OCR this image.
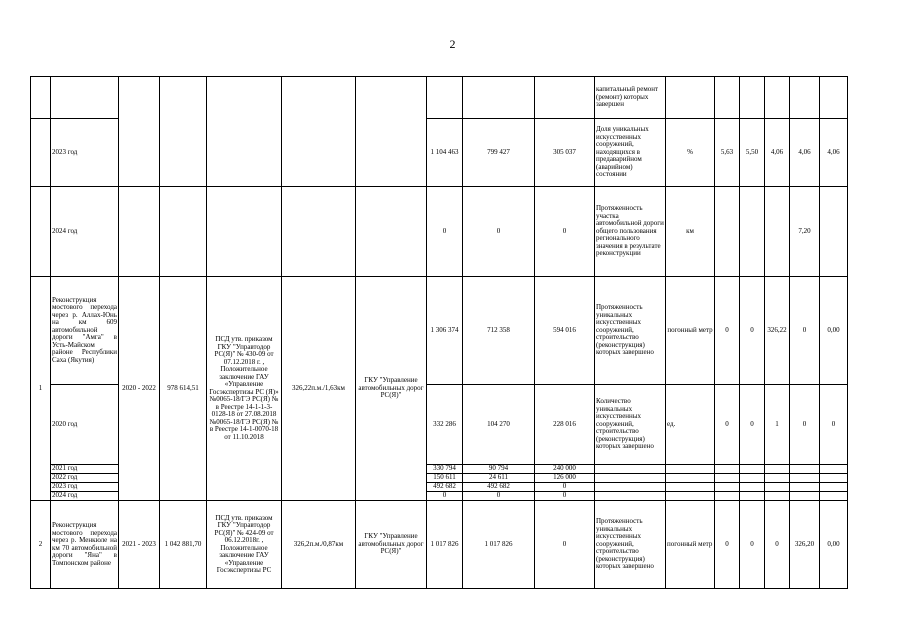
2
										капитальный ремонт (ремонт) которых завершен						
	2023 год						1 104 463	799 427	305 037	Доля уникальных искусственных сооружений, находящихся в предаварийном (аварийном) состоянии	%	5,63	5,50	4,06	4,06	4,06
	2024 год						0	0	0	Протяженность участка автомобильной дороги общего пользования регионального значения в результате реконструкции	км				7,20	
1	Реконструкция мостового перехода через р. Аллах-Юнь на км 609 автомобильной дороги "Амга" в Усть-Майском районе Республики Саха (Якутия)	2020 - 2022	978 614,51	ПСД утв. приказом ГКУ "Управтодор РС(Я)" № 430-09 от 07.12.2018 г. , Положительное заключение ГАУ «Управление Госэкспертизы РС (Я)» №0065-18/ГЭ РС(Я) № в Реестре 14-1-1-3-0128-18 от 27.08.2018 №0065-18/ГЭ РС(Я) № в Реестре 14-1-0070-18 от 11.10.2018	326,22п.м./1,63км	ГКУ "Управление автомобильных дорог РС(Я)"	1 306 374	712 358	594 016	Протяженность уникальных искусственных сооружений, строительство (реконструкция) которых завершено	погонный метр	0	0	326,22	0	0,00
	2020 год						332 286	104 270	228 016	Количество уникальных искусственных сооружений, строительство (реконструкция) которых завершено	ед.	0	0	1	0	0
	2021 год						330 794	90 794	240 000							
	2022 год						150 611	24 611	126 000							
	2023 год						492 682	492 682	0							
	2024 год						0	0	0							
2	Реконструкция мостового перехода через р. Менкюле на км 70 автомобильной дороги "Яна" в Томпонском районе	2021 - 2023	1 042 881,70	ПСД утв. приказом ГКУ "Управтодор РС(Я)" № 424-09 от 06.12.2018г. , Положительное заключение ГАУ «Управление Госэкспертизы РС	326,2п.м./0,87км	ГКУ "Управление автомобильных дорог РС(Я)"	1 017 826	1 017 826	0	Протяженность уникальных искусственных сооружений, строительство (реконструкция) которых завершено	погонный метр	0	0	0	326,20	0,00
